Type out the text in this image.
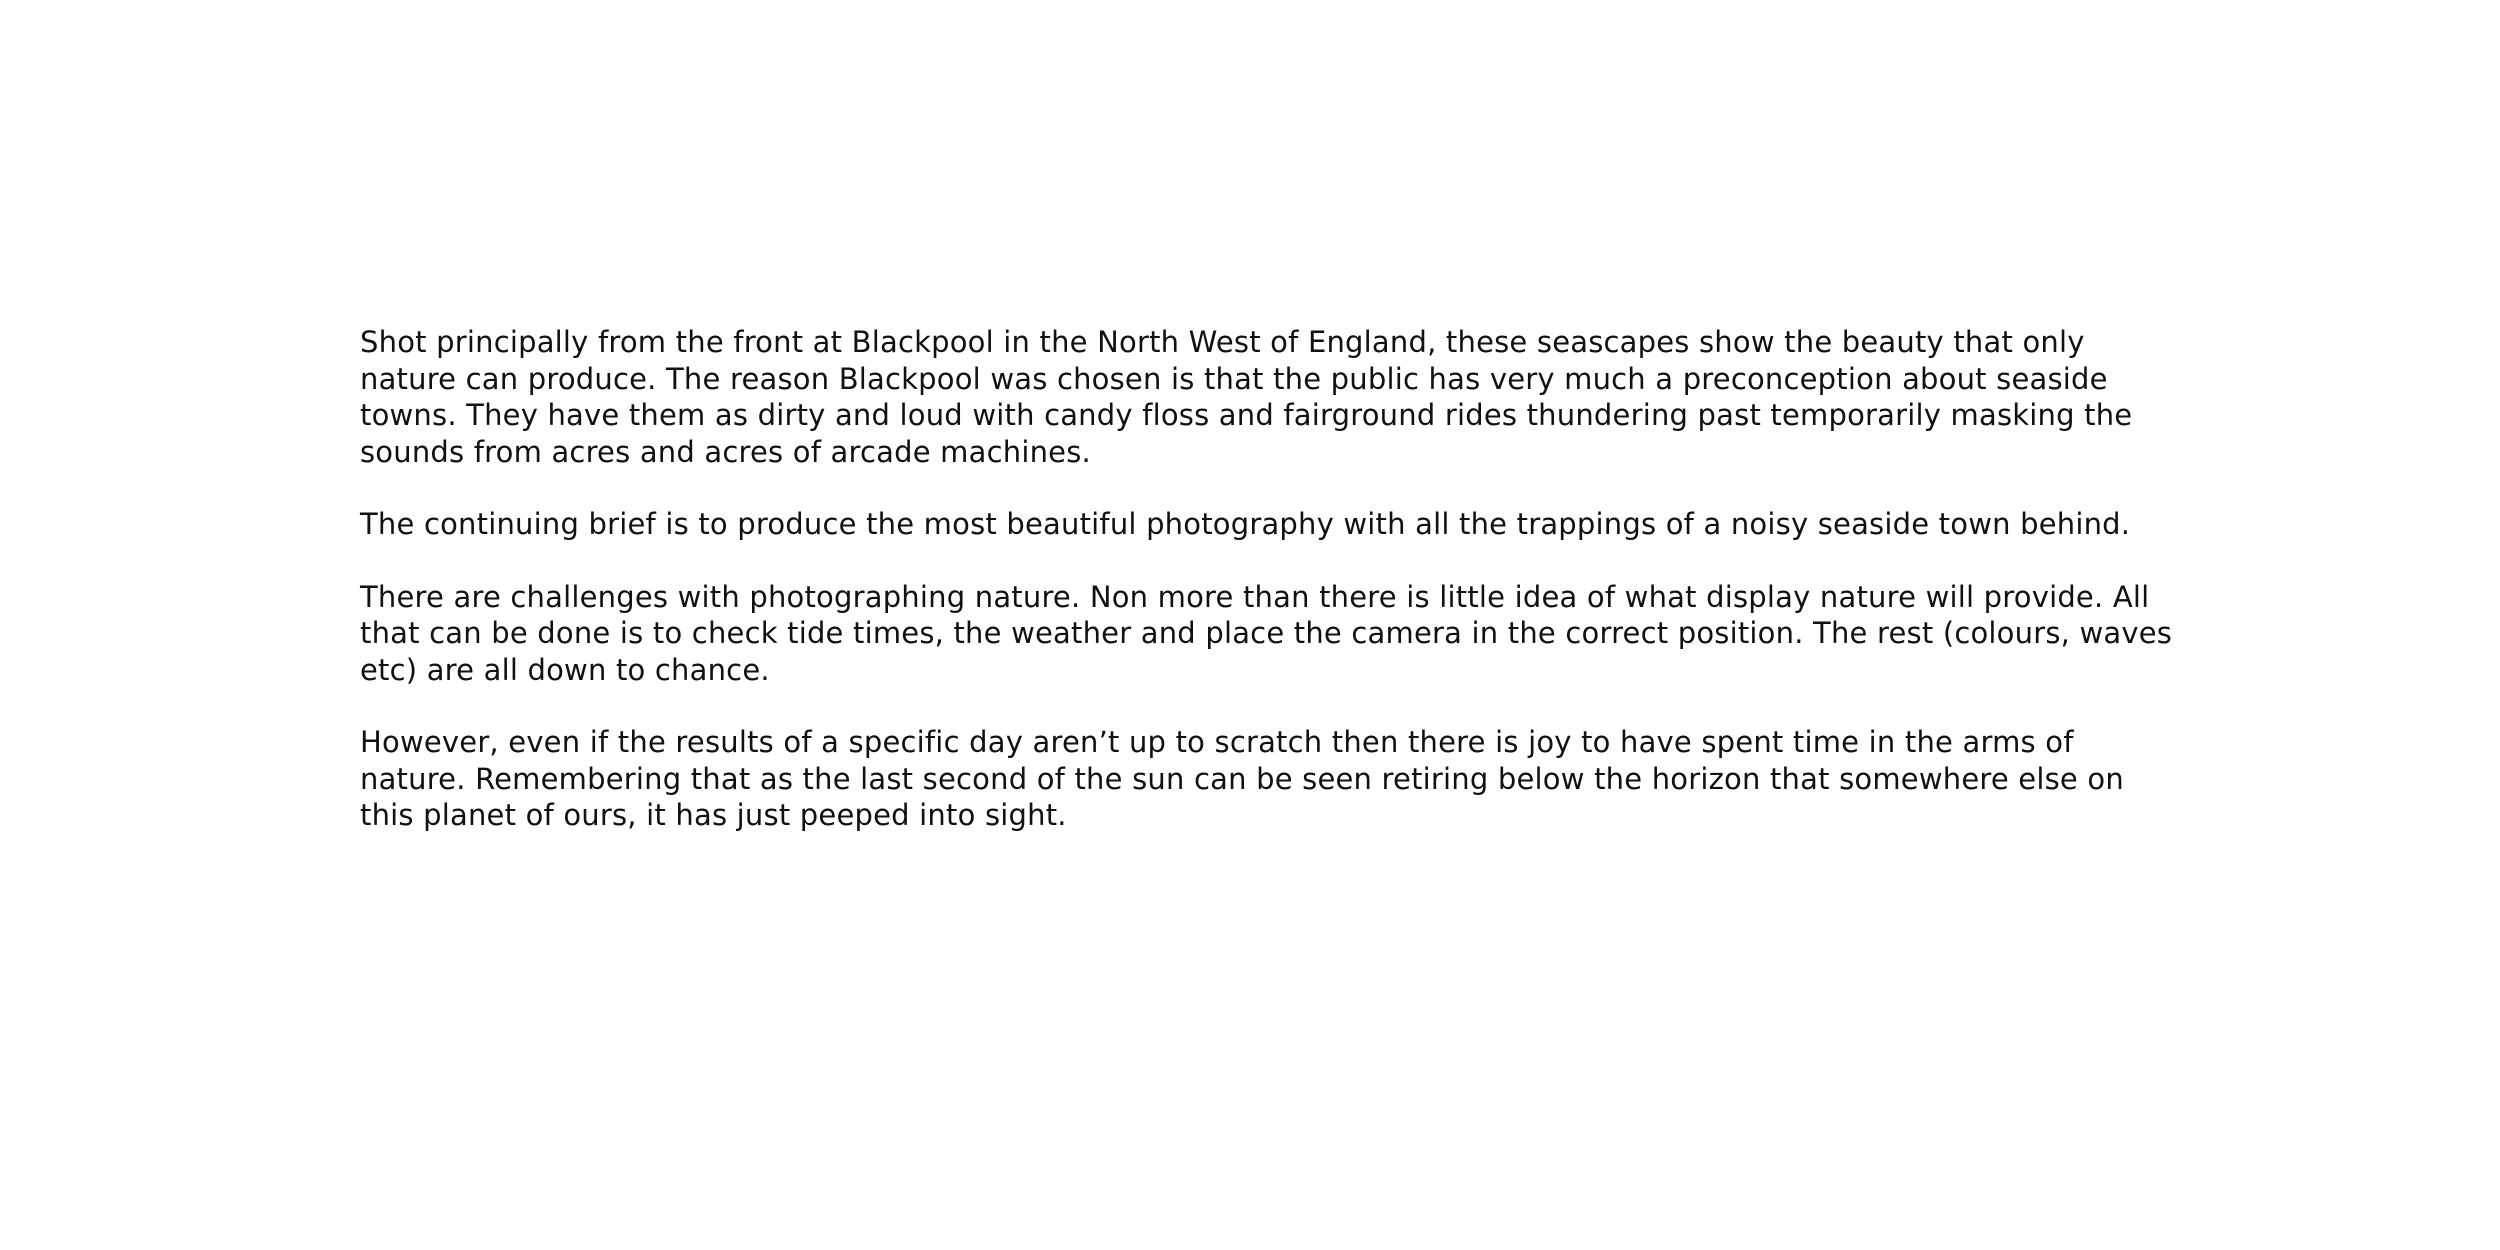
Shot principally from the front at Blackpool in the North West of England, these seascapes show the beauty that only nature can produce. The reason Blackpool was chosen is that the public has very much a preconception about seaside towns. They have them as dirty and loud with candy floss and fairground rides thundering past temporarily masking the sounds from acres and acres of arcade machines.

The continuing brief is to produce the most beautiful photography with all the trappings of a noisy seaside town behind.

There are challenges with photographing nature. Non more than there is little idea of what display nature will provide. All that can be done is to check tide times, the weather and place the camera in the correct position. The rest (colours, waves etc) are all down to chance.

However, even if the results of a specific day aren’t up to scratch then there is joy to have spent time in the arms of nature. Remembering that as the last second of the sun can be seen retiring below the horizon that somewhere else on this planet of ours, it has just peeped into sight.
